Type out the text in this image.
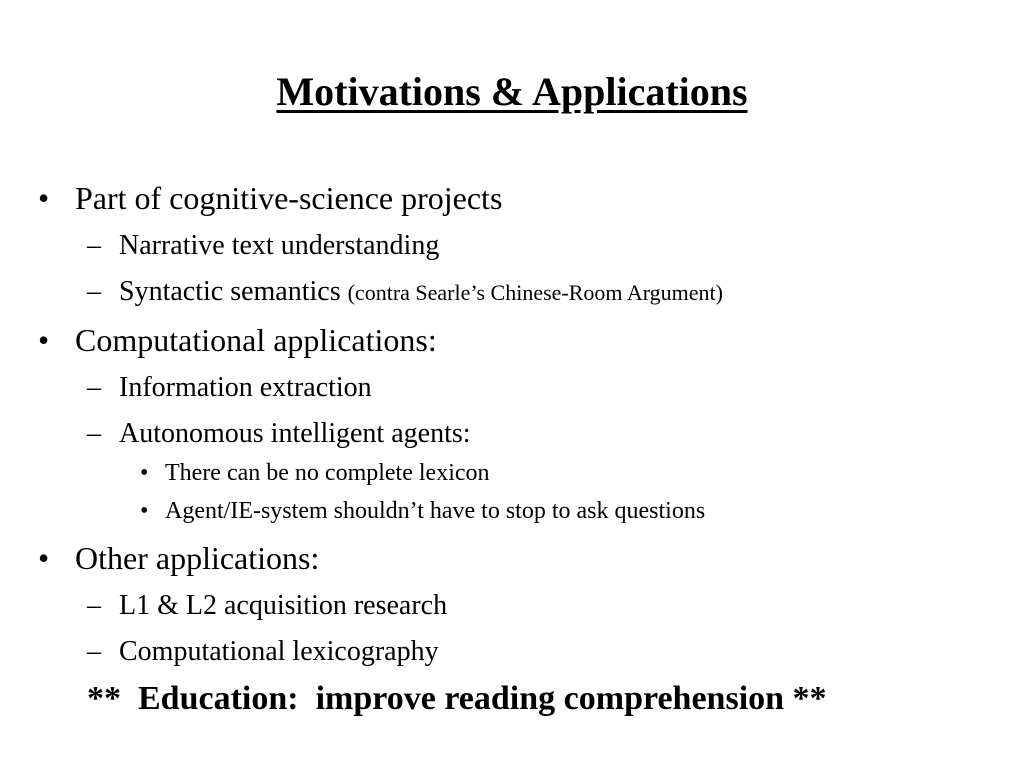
Motivations & Applications
• Part of cognitive-science projects
– Narrative text understanding
– Syntactic semantics (contra Searle’s Chinese-Room Argument)
• Computational applications:
– Information extraction
– Autonomous intelligent agents:
• There can be no complete lexicon
• Agent/IE-system shouldn’t have to stop to ask questions
• Other applications:
– L1 & L2 acquisition research
– Computational lexicography
**  Education:  improve reading comprehension **
